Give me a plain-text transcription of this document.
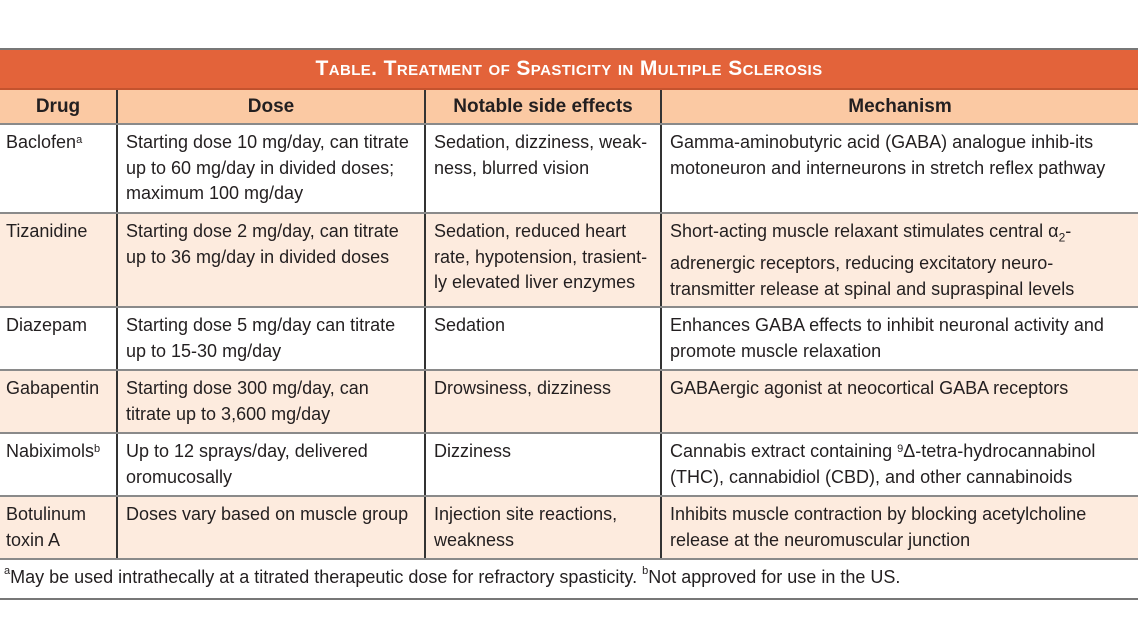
Table. Treatment of Spasticity in Multiple Sclerosis
Drug	Dose	Notable side effects	Mechanism
Baclofen$^a$	Starting dose 10 mg/day, can titrate up to 60 mg/day in divided doses; maximum 100 mg/day	Sedation, dizziness, weak-ness, blurred vision	Gamma-aminobutyric acid (GABA) analogue inhib-its motoneuron and interneurons in stretch reflex pathway
Tizanidine	Starting dose 2 mg/day, can titrate up to 36 mg/day in divided doses	Sedation, reduced heart rate, hypotension, trasient-ly elevated liver enzymes	Short-acting muscle relaxant stimulates central $\alpha_2$-adrenergic receptors, reducing excitatory neuro-transmitter release at spinal and supraspinal levels
Diazepam	Starting dose 5 mg/day can titrate up to 15-30 mg/day	Sedation	Enhances GABA effects to inhibit neuronal activity and promote muscle relaxation
Gabapentin	Starting dose 300 mg/day, can titrate up to 3,600 mg/day	Drowsiness, dizziness	GABAergic agonist at neocortical GABA receptors
Nabiximols$^b$	Up to 12 sprays/day, delivered oromucosally	Dizziness	Cannabis extract containing $^9$Δ-tetra-hydrocannabinol (THC), cannabidiol (CBD), and other cannabinoids
Botulinum toxin A	Doses vary based on muscle group	Injection site reactions, weakness	Inhibits muscle contraction by blocking acetylcholine release at the neuromuscular junction
$^a$May be used intrathecally at a titrated therapeutic dose for refractory spasticity. $^b$Not approved for use in the US.
